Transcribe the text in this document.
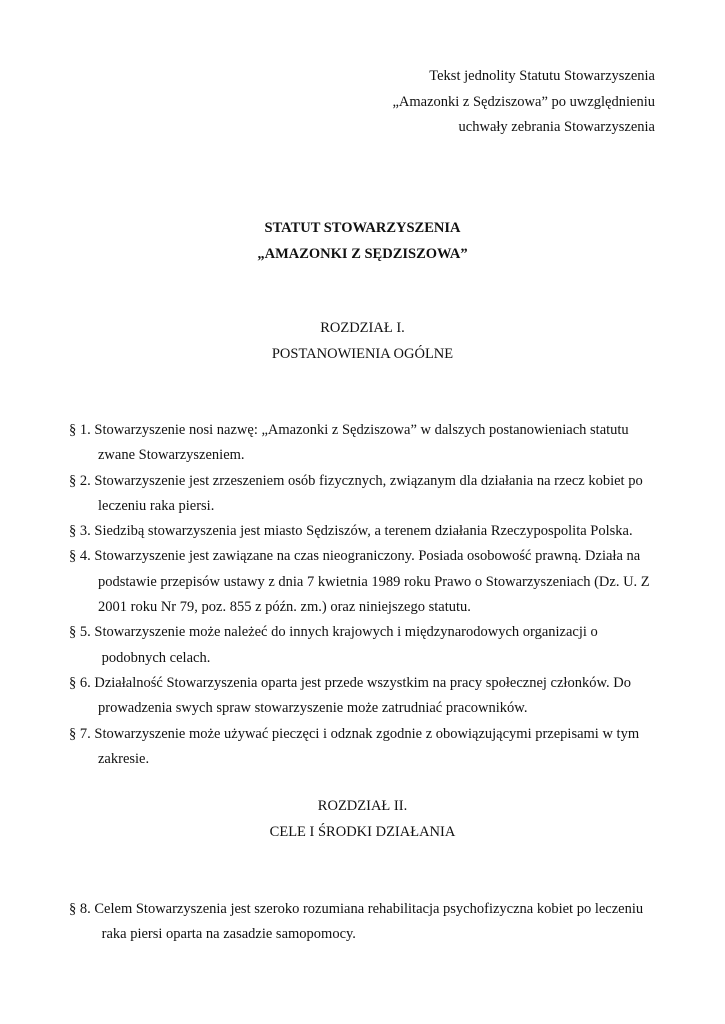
Tekst jednolity Statutu Stowarzyszenia
„Amazonki z Sędziszowa” po uwzględnieniu
uchwały zebrania Stowarzyszenia
STATUT STOWARZYSZENIA
„AMAZONKI Z SĘDZISZOWA”
ROZDZIAŁ I.
POSTANOWIENIA OGÓLNE

§ 1. Stowarzyszenie nosi nazwę: „Amazonki z Sędziszowa” w dalszych postanowieniach statutu
zwane Stowarzyszeniem.

§ 2. Stowarzyszenie jest zrzeszeniem osób fizycznych, związanym dla działania na rzecz kobiet po
leczeniu raka piersi.

§ 3. Siedzibą stowarzyszenia jest miasto Sędziszów, a terenem działania Rzeczypospolita Polska.

§ 4. Stowarzyszenie jest zawiązane na czas nieograniczony. Posiada osobowość prawną. Działa na
podstawie przepisów ustawy z dnia 7 kwietnia 1989 roku Prawo o Stowarzyszeniach (Dz. U. Z
2001 roku Nr 79, poz. 855 z późn. zm.) oraz niniejszego statutu.

§ 5. Stowarzyszenie może należeć do innych krajowych i międzynarodowych organizacji o
podobnych celach.

§ 6. Działalność Stowarzyszenia oparta jest przede wszystkim na pracy społecznej członków. Do
prowadzenia swych spraw stowarzyszenie może zatrudniać pracowników.

§ 7. Stowarzyszenie może używać pieczęci i odznak zgodnie z obowiązującymi przepisami w tym
zakresie.

ROZDZIAŁ II.
CELE I ŚRODKI DZIAŁANIA

§ 8. Celem Stowarzyszenia jest szeroko rozumiana rehabilitacja psychofizyczna kobiet po leczeniu
raka piersi oparta na zasadzie samopomocy.
